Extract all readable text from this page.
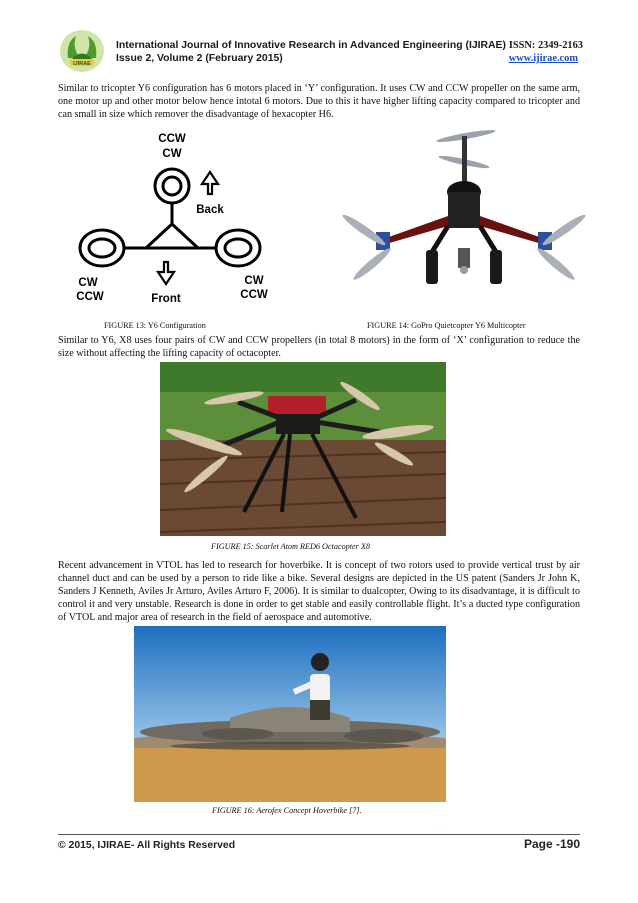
IJIRAE
International Journal of Innovative Research in Advanced Engineering (IJIRAE) ISSN: 2349-2163
Issue 2, Volume 2 (February 2015)	www.ijirae.com
Similar to tricopter Y6 configuration has 6 motors placed in ‘Y’ configuration. It uses CW and CCW propeller on the same arm, one motor up and other motor below hence intotal 6 motors. Due to this it have higher lifting capacity compared to tricopter and can small in size which remover the disadvantage of hexacopter H6.
CCW
CW
Back
Front
CW
CCW
CW
CCW
FIGURE 13: Y6 Configuration	FIGURE 14: GoPro Quietcopter Y6 Multicopter
Similar to Y6, X8 uses four pairs of CW and CCW propellers (in total 8 motors) in the form of ‘X’ configuration to reduce the size without affecting the lifting capacity of octacopter.
FIGURE 15: Scarlet Atom RED6 Octacopter X8
Recent advancement in VTOL has led to research for hoverbike. It is concept of two rotors used to provide vertical trust by air channel duct and can be used by a person to ride like a bike. Several designs are depicted in the US patent (Sanders Jr John K, Sanders J Kenneth, Aviles Jr Arturo, Aviles Arturo F, 2006). It is similar to dualcopter, Owing to its disadvantage, it is difficult to control it and very unstable. Research is done in order to get stable and easily controllable flight. It’s a ducted type configuration of VTOL and major area of research in the field of aerospace and automotive.
FIGURE 16: Aerofex Concept Hoverbike [7].
© 2015, IJIRAE- All Rights Reserved	Page -190
